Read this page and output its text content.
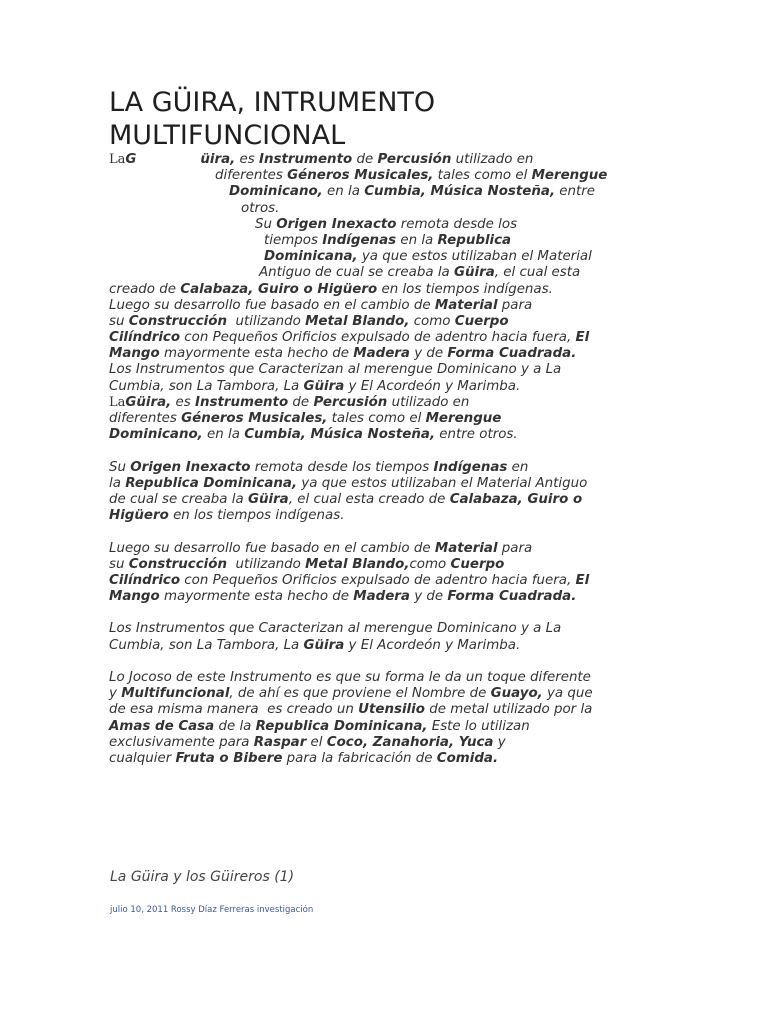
LA GÜIRA, INTRUMENTO MULTIFUNCIONAL
LaG	üira, es Instrumento de Percusión utilizado en
diferentes Géneros Musicales, tales como el Merengue
Dominicano, en la Cumbia, Música Nosteña, entre
otros.
Su Origen Inexacto remota desde los
tiempos Indígenas en la Republica
Dominicana, ya que estos utilizaban el Material
Antiguo de cual se creaba la Güira, el cual esta
creado de Calabaza, Guiro o Higüero en los tiempos indígenas.
Luego su desarrollo fue basado en el cambio de Material para
su Construcción  utilizando Metal Blando, como Cuerpo
Cilíndrico con Pequeños Orificios expulsado de adentro hacia fuera, El
Mango mayormente esta hecho de Madera y de Forma Cuadrada.
Los Instrumentos que Caracterizan al merengue Dominicano y a La
Cumbia, son La Tambora, La Güira y El Acordeón y Marimba.
LaGüira, es Instrumento de Percusión utilizado en
diferentes Géneros Musicales, tales como el Merengue
Dominicano, en la Cumbia, Música Nosteña, entre otros.
Su Origen Inexacto remota desde los tiempos Indígenas en
la Republica Dominicana, ya que estos utilizaban el Material Antiguo
de cual se creaba la Güira, el cual esta creado de Calabaza, Guiro o
Higüero en los tiempos indígenas.
Luego su desarrollo fue basado en el cambio de Material para
su Construcción  utilizando Metal Blando,como Cuerpo
Cilíndrico con Pequeños Orificios expulsado de adentro hacia fuera, El
Mango mayormente esta hecho de Madera y de Forma Cuadrada.
Los Instrumentos que Caracterizan al merengue Dominicano y a La
Cumbia, son La Tambora, La Güira y El Acordeón y Marimba.
Lo Jocoso de este Instrumento es que su forma le da un toque diferente
y Multifuncional, de ahí es que proviene el Nombre de Guayo, ya que
de esa misma manera  es creado un Utensilio de metal utilizado por la
Amas de Casa de la Republica Dominicana, Este lo utilizan
exclusivamente para Raspar el Coco, Zanahoria, Yuca y
cualquier Fruta o Bibere para la fabricación de Comida.
La Güira y los Güireros (1)
julio 10, 2011 Rossy Díaz Ferreras investigación
